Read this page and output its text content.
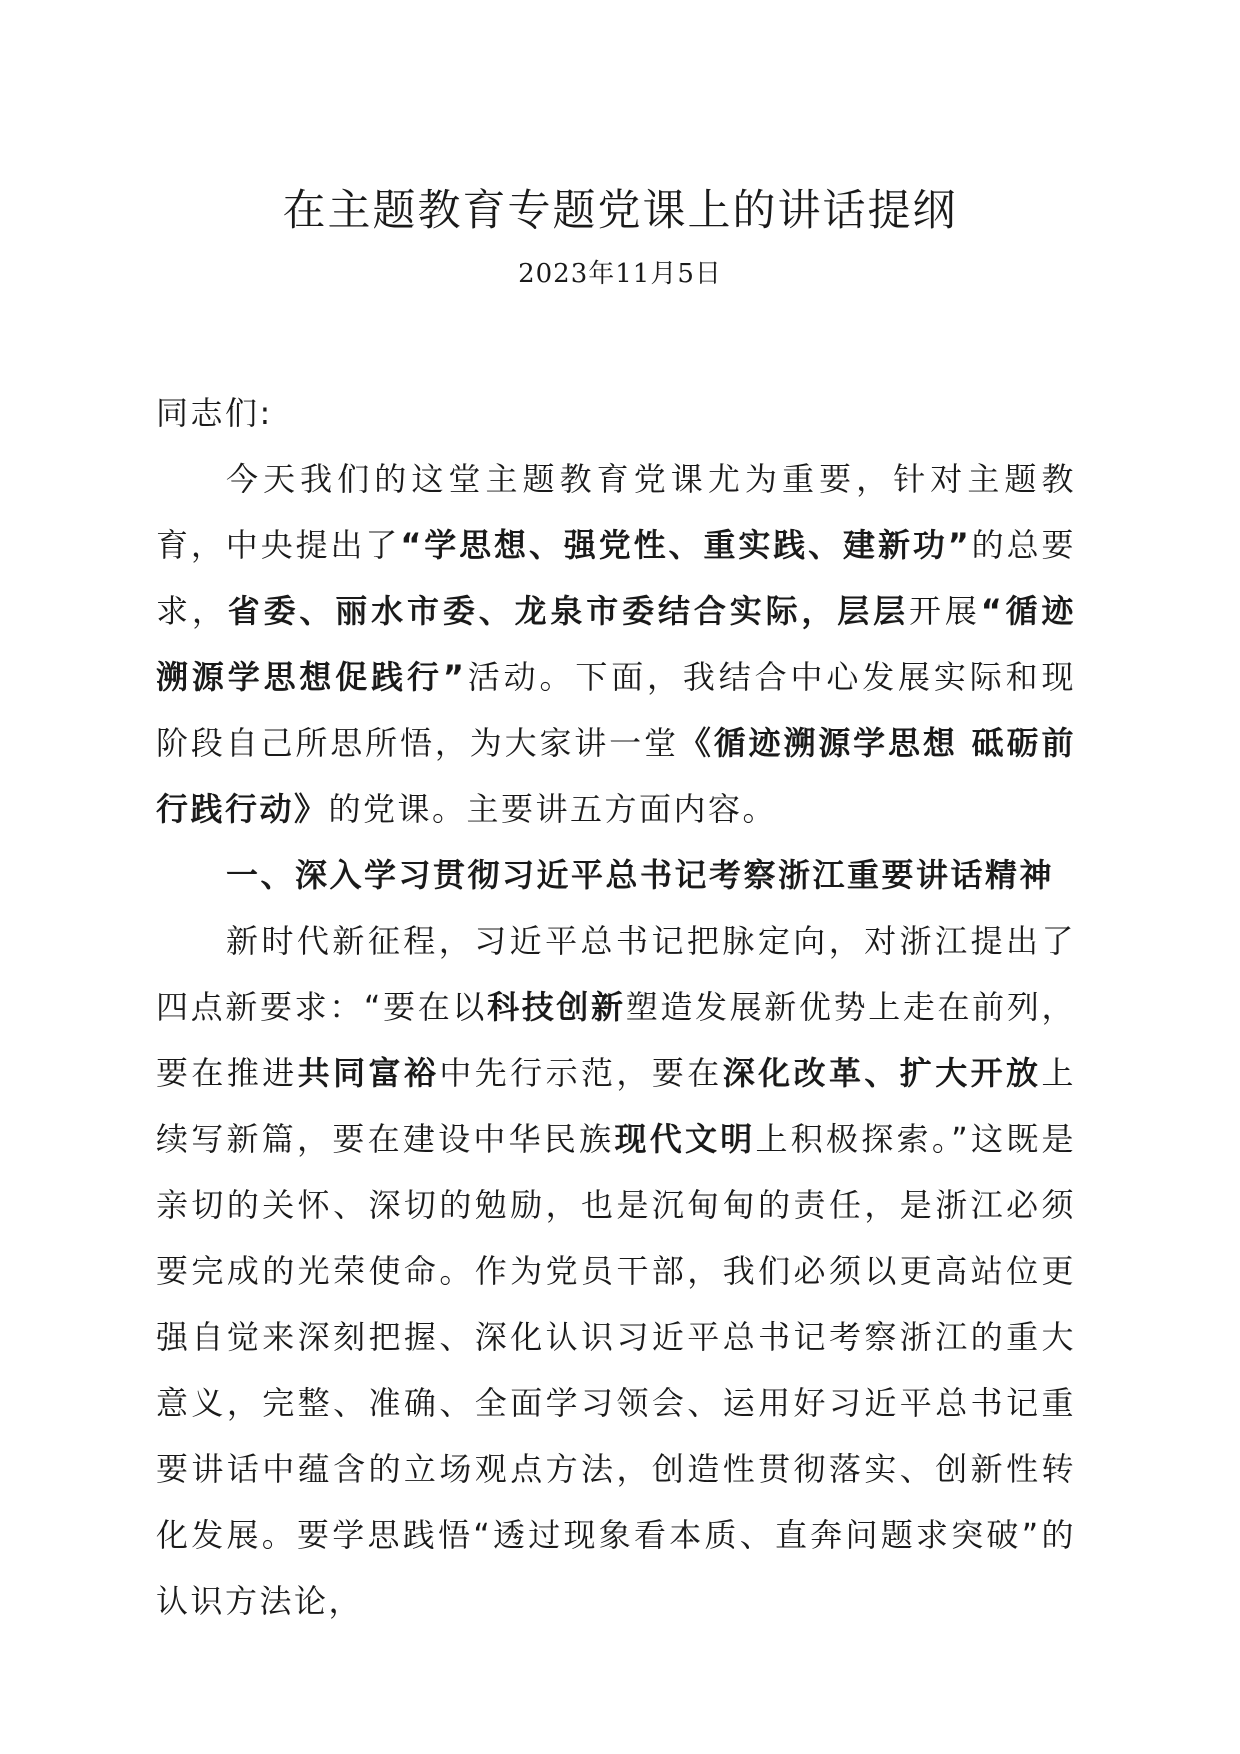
在主题教育专题党课上的讲话提纲
2023年11月5日

同志们:

今天我们的这堂主题教育党课尤为重要，针对主题教育，中央提出了“学思想、强党性、重实践、建新功”的总要求，省委、丽水市委、龙泉市委结合实际，层层开展“循迹溯源学思想促践行”活动。下面，我结合中心发展实际和现阶段自己所思所悟，为大家讲一堂《循迹溯源学思想 砥砺前行践行动》的党课。主要讲五方面内容。

一、深入学习贯彻习近平总书记考察浙江重要讲话精神

新时代新征程，习近平总书记把脉定向，对浙江提出了四点新要求：“要在以科技创新塑造发展新优势上走在前列，要在推进共同富裕中先行示范，要在深化改革、扩大开放上续写新篇，要在建设中华民族现代文明上积极探索。”这既是亲切的关怀、深切的勉励，也是沉甸甸的责任，是浙江必须要完成的光荣使命。作为党员干部，我们必须以更高站位更强自觉来深刻把握、深化认识习近平总书记考察浙江的重大意义，完整、准确、全面学习领会、运用好习近平总书记重要讲话中蕴含的立场观点方法，创造性贯彻落实、创新性转化发展。要学思践悟“透过现象看本质、直奔问题求突破”的认识方法论，
